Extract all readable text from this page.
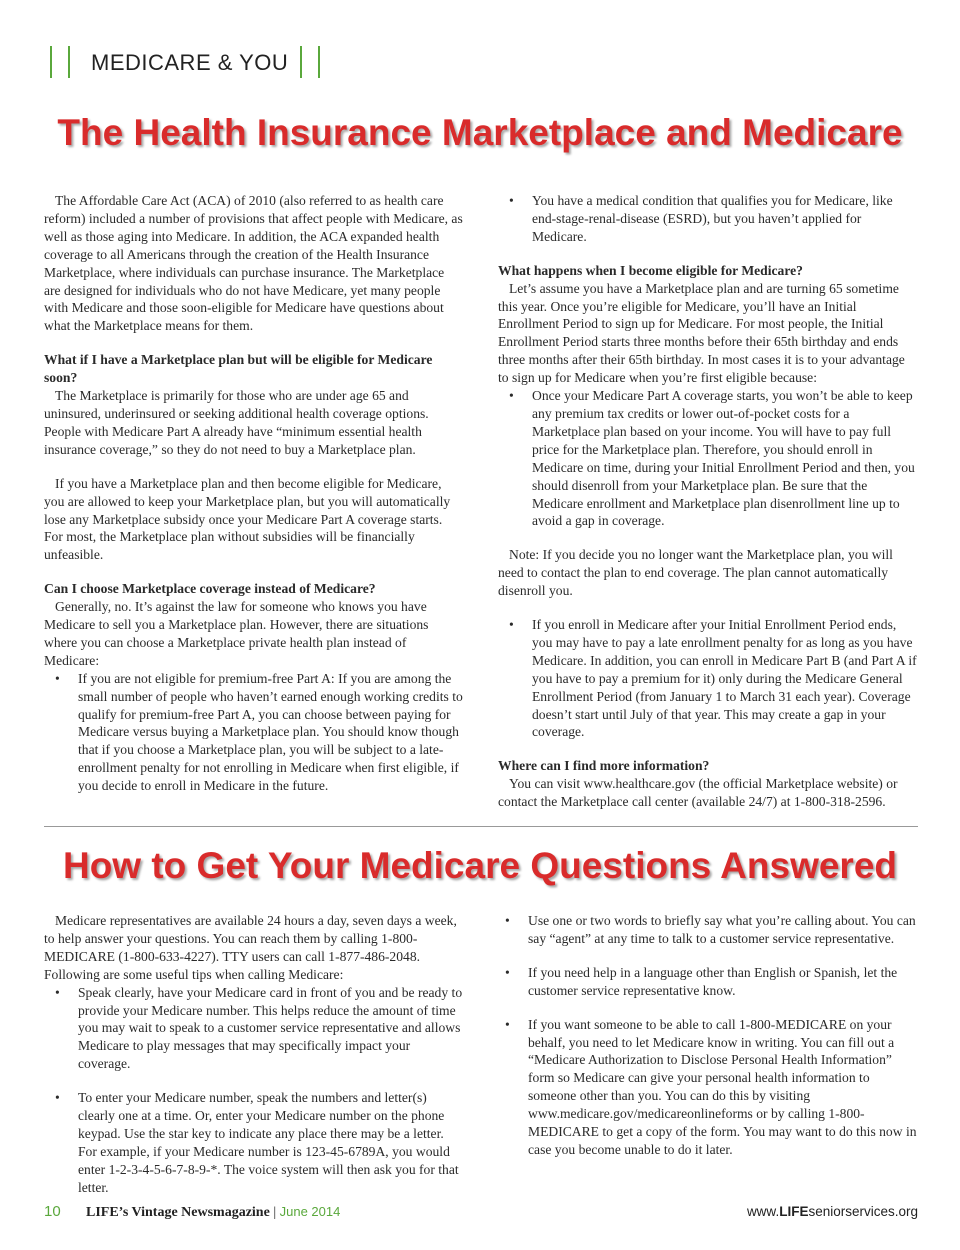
MEDICARE & YOU
The Health Insurance Marketplace and Medicare

The Affordable Care Act (ACA) of 2010 (also referred to as health care reform) included a number of provisions that affect people with Medicare, as well as those aging into Medicare. In addition, the ACA expanded health coverage to all Americans through the creation of the Health Insurance Marketplace, where individuals can purchase insurance. The Marketplace are designed for individuals who do not have Medicare, yet many people with Medicare and those soon-eligible for Medicare have questions about what the Marketplace means for them.

What if I have a Marketplace plan but will be eligible for Medicare soon?

The Marketplace is primarily for those who are under age 65 and uninsured, underinsured or seeking additional health coverage options. People with Medicare Part A already have “minimum essential health insurance coverage,” so they do not need to buy a Marketplace plan.

If you have a Marketplace plan and then become eligible for Medicare, you are allowed to keep your Marketplace plan, but you will automatically lose any Marketplace subsidy once your Medicare Part A coverage starts. For most, the Marketplace plan without subsidies will be financially unfeasible.

Can I choose Marketplace coverage instead of Medicare?

Generally, no. It’s against the law for someone who knows you have Medicare to sell you a Marketplace plan. However, there are situations where you can choose a Marketplace private health plan instead of Medicare:

• If you are not eligible for premium-free Part A: If you are among the small number of people who haven’t earned enough working credits to qualify for premium-free Part A, you can choose between paying for Medicare versus buying a Marketplace plan. You should know though that if you choose a Marketplace plan, you will be subject to a late-enrollment penalty for not enrolling in Medicare when first eligible, if you decide to enroll in Medicare in the future.
• You have a medical condition that qualifies you for Medicare, like end-stage-renal-disease (ESRD), but you haven’t applied for Medicare.

What happens when I become eligible for Medicare?

Let’s assume you have a Marketplace plan and are turning 65 sometime this year. Once you’re eligible for Medicare, you’ll have an Initial Enrollment Period to sign up for Medicare. For most people, the Initial Enrollment Period starts three months before their 65th birthday and ends three months after their 65th birthday. In most cases it is to your advantage to sign up for Medicare when you’re first eligible because:

• Once your Medicare Part A coverage starts, you won’t be able to keep any premium tax credits or lower out-of-pocket costs for a Marketplace plan based on your income. You will have to pay full price for the Marketplace plan. Therefore, you should enroll in Medicare on time, during your Initial Enrollment Period and then, you should disenroll from your Marketplace plan. Be sure that the Medicare enrollment and Marketplace plan disenrollment line up to avoid a gap in coverage.

Note: If you decide you no longer want the Marketplace plan, you will need to contact the plan to end coverage. The plan cannot automatically disenroll you.

• If you enroll in Medicare after your Initial Enrollment Period ends, you may have to pay a late enrollment penalty for as long as you have Medicare. In addition, you can enroll in Medicare Part B (and Part A if you have to pay a premium for it) only during the Medicare General Enrollment Period (from January 1 to March 31 each year). Coverage doesn’t start until July of that year. This may create a gap in your coverage.

Where can I find more information?

You can visit www.healthcare.gov (the official Marketplace website) or contact the Marketplace call center (available 24/7) at 1-800-318-2596.

How to Get Your Medicare Questions Answered

Medicare representatives are available 24 hours a day, seven days a week, to help answer your questions. You can reach them by calling 1-800-MEDICARE (1-800-633-4227). TTY users can call 1-877-486-2048. Following are some useful tips when calling Medicare:

• Speak clearly, have your Medicare card in front of you and be ready to provide your Medicare number. This helps reduce the amount of time you may wait to speak to a customer service representative and allows Medicare to play messages that may specifically impact your coverage.
• To enter your Medicare number, speak the numbers and letter(s) clearly one at a time. Or, enter your Medicare number on the phone keypad. Use the star key to indicate any place there may be a letter. For example, if your Medicare number is 123-45-6789A, you would enter 1-2-3-4-5-6-7-8-9-*. The voice system will then ask you for that letter.
• Use one or two words to briefly say what you’re calling about. You can say “agent” at any time to talk to a customer service representative.
• If you need help in a language other than English or Spanish, let the customer service representative know.
• If you want someone to be able to call 1-800-MEDICARE on your behalf, you need to let Medicare know in writing. You can fill out a “Medicare Authorization to Disclose Personal Health Information” form so Medicare can give your personal health information to someone other than you. You can do this by visiting www.medicare.gov/medicareonlineforms or by calling 1-800-MEDICARE to get a copy of the form. You may want to do this now in case you become unable to do it later.
10 LIFE’s Vintage Newsmagazine | June 2014	www.LIFEseniorservices.org
